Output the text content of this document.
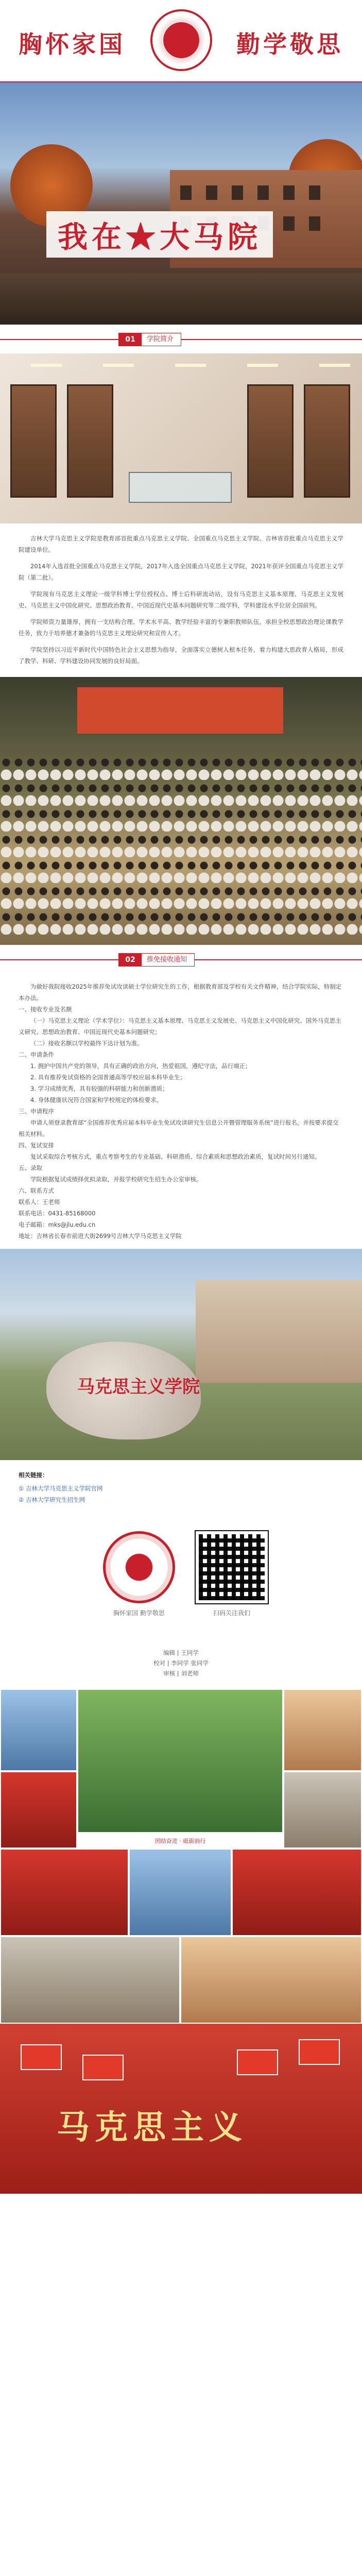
胸怀家国	勤学敬思
我在★大马院
01	学院简介

吉林大学马克思主义学院是教育部首批重点马克思主义学院、全国重点马克思主义学院、吉林省首批重点马克思主义学院建设单位。

2014年入选首批全国重点马克思主义学院，2017年入选全国重点马克思主义学院，2021年获评全国重点马克思主义学院（第二批）。

学院现有马克思主义理论一级学科博士学位授权点、博士后科研流动站，设有马克思主义基本原理、马克思主义发展史、马克思主义中国化研究、思想政治教育、中国近现代史基本问题研究等二级学科，学科建设水平位居全国前列。

学院师资力量雄厚，拥有一支结构合理、学术水平高、教学经验丰富的专兼职教师队伍，承担全校思想政治理论课教学任务，致力于培养德才兼备的马克思主义理论研究和宣传人才。

学院坚持以习近平新时代中国特色社会主义思想为指导，全面落实立德树人根本任务，着力构建大思政育人格局，形成了教学、科研、学科建设协同发展的良好局面。

02	推免接收通知
为做好我院接收2025年推荐免试攻读硕士学位研究生的工作，根据教育部及学校有关文件精神，结合学院实际，特制定本办法。
一、接收专业及名额
（一）马克思主义理论（学术学位）：马克思主义基本原理、马克思主义发展史、马克思主义中国化研究、国外马克思主义研究、思想政治教育、中国近现代史基本问题研究；
（二）接收名额以学校最终下达计划为准。
二、申请条件
1. 拥护中国共产党的领导，具有正确的政治方向，热爱祖国，遵纪守法，品行端正；
2. 具有推荐免试资格的全国普通高等学校应届本科毕业生；
3. 学习成绩优秀，具有较强的科研能力和创新潜质；
4. 身体健康状况符合国家和学校规定的体检要求。
三、申请程序
申请人须登录教育部“全国推荐优秀应届本科毕业生免试攻读研究生信息公开暨管理服务系统”进行报名，并按要求提交相关材料。
四、复试安排
复试采取综合考核方式，重点考察考生的专业基础、科研潜质、综合素质和思想政治素质，复试时间另行通知。
五、录取
学院根据复试成绩择优拟录取，并报学校研究生招生办公室审核。
六、联系方式
联系人：王老师
联系电话：0431-85168000
电子邮箱：mks@jlu.edu.cn
地址：吉林省长春市前进大街2699号吉林大学马克思主义学院
马克思主义学院
相关链接：
① 吉林大学马克思主义学院官网
② 吉林大学研究生招生网
胸怀家国 勤学敬思	扫码关注我们
编辑 | 王同学
校对 | 李同学 张同学
审核 | 刘老师
团结奋进 · 砥砺前行
马克思主义
